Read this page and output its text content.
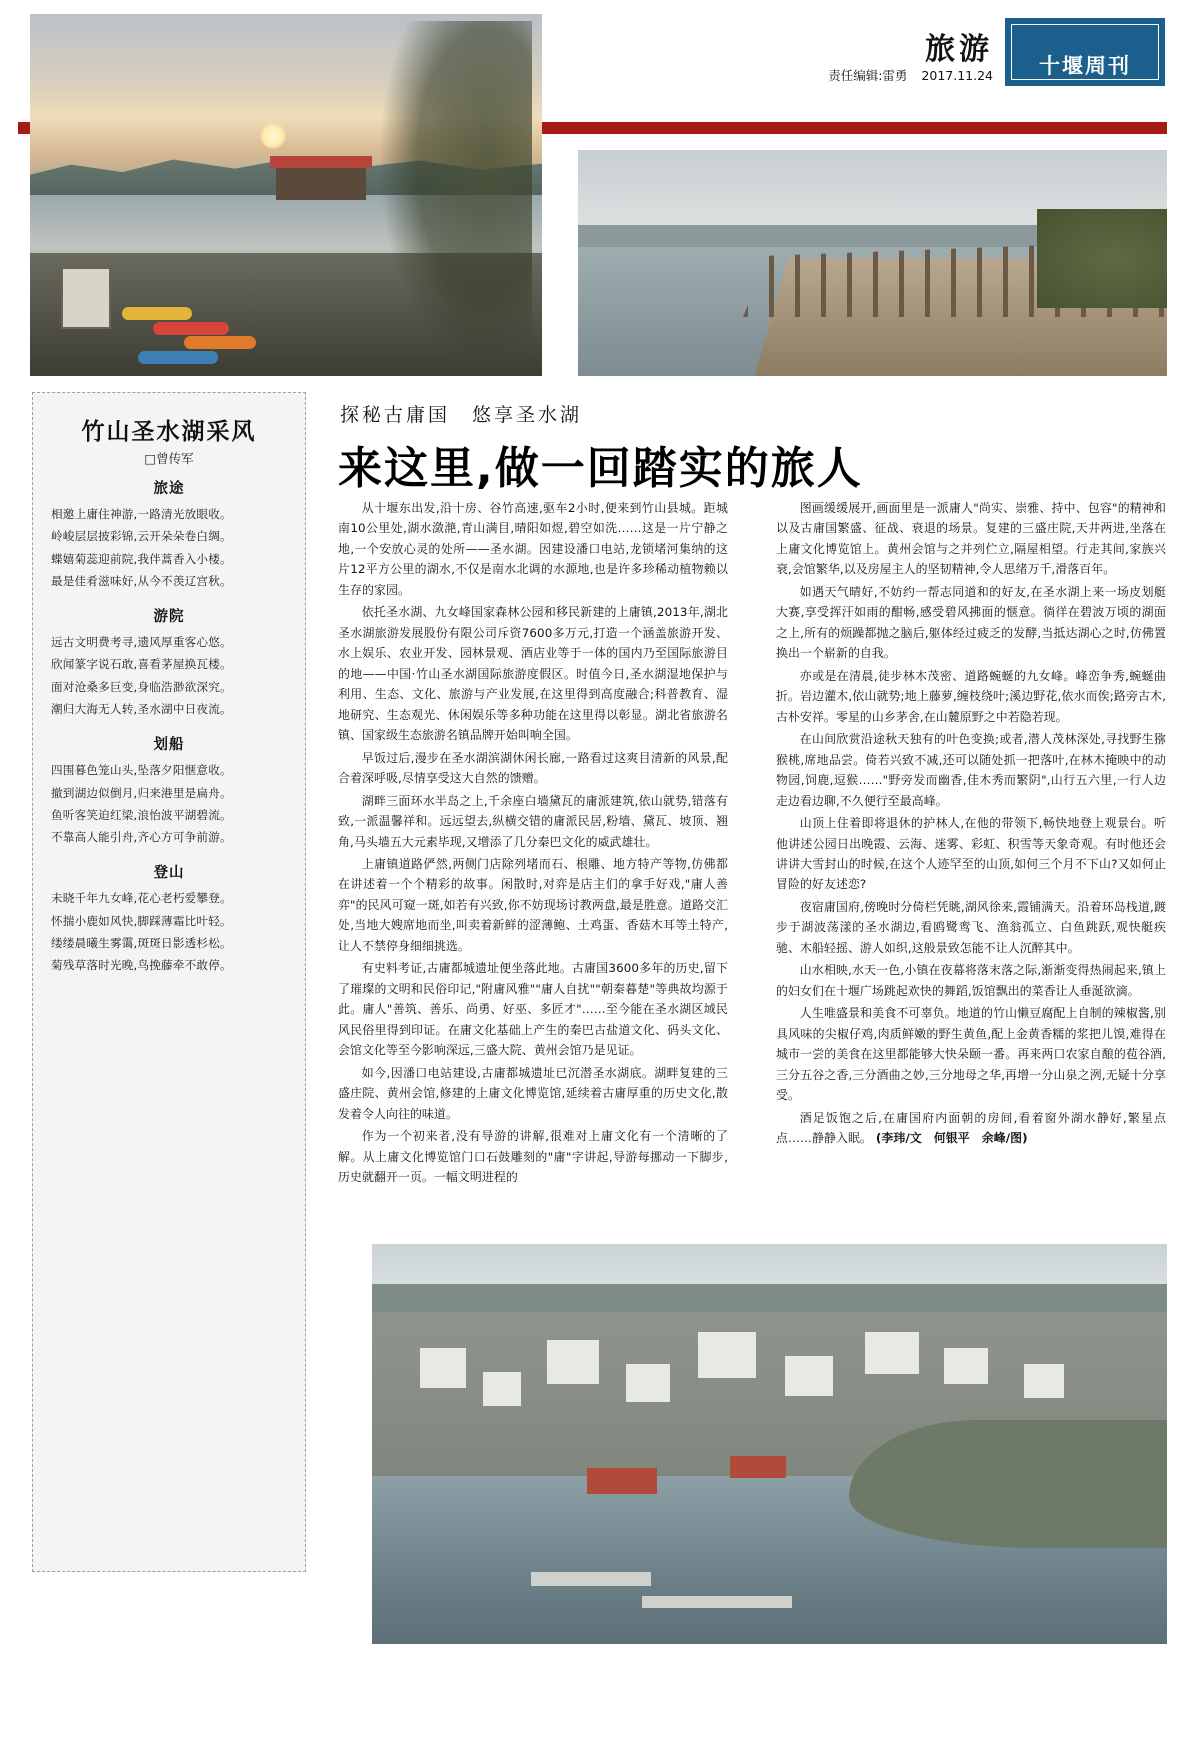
旅游
责任编辑:雷勇 2017.11.24	十堰周刊
竹山圣水湖采风
□曾传军
旅途

相邀上庸住神游,一路清光放眼收。

岭峻层层披彩锦,云开朵朵卷白绸。

蝶嬉菊蕊迎前院,我伴蒿香入小楼。

最是佳肴滋味好,从今不羡辽宫秋。

游院

远古文明费考寻,遗风厚重客心悠。

欣闻篆字说石敢,喜看茅屋换瓦楼。

面对沧桑多巨变,身临浩渺欲深究。

潮归大海无人转,圣水湖中日夜流。

划船

四围暮色笼山头,坠落夕阳惬意收。

撤到湖边似倒月,归来港里是扁舟。

鱼听客笑迫红梁,浪怡波平湖碧流。

不靠高人能引舟,齐心方可争前游。

登山

未晓千年九女峰,花心老朽爱攀登。

怀揣小鹿如风快,脚踩薄霜比叶轻。

缕缕晨曦生雾霭,斑斑日影透杉松。

菊残草落时光晚,鸟挽藤牵不敢停。

探秘古庸国　悠享圣水湖
来这里,做一回踏实的旅人

从十堰东出发,沿十房、谷竹高速,驱车2小时,便来到竹山县城。距城南10公里处,湖水潋滟,青山满目,晴阳如煜,碧空如洗……这是一片宁静之地,一个安放心灵的处所——圣水湖。因建设潘口电站,龙锁堵河集纳的这片12平方公里的湖水,不仅是南水北调的水源地,也是许多珍稀动植物赖以生存的家园。

依托圣水湖、九女峰国家森林公园和移民新建的上庸镇,2013年,湖北圣水湖旅游发展股份有限公司斥资7600多万元,打造一个涵盖旅游开发、水上娱乐、农业开发、园林景观、酒店业等于一体的国内乃至国际旅游目的地——中国·竹山圣水湖国际旅游度假区。时值今日,圣水湖湿地保护与利用、生态、文化、旅游与产业发展,在这里得到高度融合;科普教育、湿地研究、生态观光、休闲娱乐等多种功能在这里得以彰显。湖北省旅游名镇、国家级生态旅游名镇品牌开始叫响全国。

早饭过后,漫步在圣水湖滨湖休闲长廊,一路看过这爽目清新的风景,配合着深呼吸,尽情享受这大自然的馈赠。

湖畔三面环水半岛之上,千余座白墙黛瓦的庸派建筑,依山就势,错落有致,一派温馨祥和。远远望去,纵横交错的庸派民居,粉墙、黛瓦、坡顶、翘角,马头墙五大元素毕现,又增添了几分秦巴文化的威武雄壮。

上庸镇道路俨然,两侧门店除列堵而石、根雕、地方特产等物,仿佛都在讲述着一个个精彩的故事。闲散时,对弈是店主们的拿手好戏,"庸人善弈"的民风可窥一斑,如若有兴致,你不妨现场讨教两盘,最是胜意。道路交汇处,当地大嫂席地而坐,叫卖着新鲜的涩薄鲍、土鸡蛋、香菇木耳等土特产,让人不禁停身细细挑选。

有史料考证,古庸都城遗址便坐落此地。古庸国3600多年的历史,留下了璀璨的文明和民俗印记,"附庸风雅""庸人自扰""朝秦暮楚"等典故均源于此。庸人"善筑、善乐、尚勇、好巫、多匠才"……至今能在圣水湖区域民风民俗里得到印证。在庸文化基础上产生的秦巴古盐道文化、码头文化、会馆文化等至今影响深远,三盛大院、黄州会馆乃是见证。

如今,因潘口电站建设,古庸都城遗址已沉潜圣水湖底。湖畔复建的三盛庄院、黄州会馆,修建的上庸文化博览馆,延续着古庸厚重的历史文化,散发着令人向往的味道。

作为一个初来者,没有导游的讲解,很难对上庸文化有一个清晰的了解。从上庸文化博览馆门口石鼓雕刻的"庸"字讲起,导游每挪动一下脚步,历史就翻开一页。一幅文明进程的

图画缓缓展开,画面里是一派庸人"尚实、崇雅、持中、包容"的精神和以及古庸国繁盛、征战、衰退的场景。复建的三盛庄院,天井两进,坐落在上庸文化博览馆上。黄州会馆与之并列伫立,隔屋相望。行走其间,家族兴衰,会馆繁华,以及房屋主人的坚韧精神,令人思绪万千,滑落百年。

如遇天气晴好,不妨约一帮志同道和的好友,在圣水湖上来一场皮划艇大赛,享受挥汗如雨的酣畅,感受碧风拂面的惬意。徜徉在碧波万顷的湖面之上,所有的烦躁都抛之脑后,躯体经过疲乏的发酵,当抵达湖心之时,仿佛置换出一个崭新的自我。

亦或是在清晨,徒步林木茂密、道路蜿蜒的九女峰。峰峦争秀,蜿蜒曲折。岩边灌木,依山就势;地上藤萝,缠枝绕叶;溪边野花,依水而俟;路旁古木,古朴安祥。零星的山乡茅舍,在山麓原野之中若隐若现。

在山间欣赏沿途秋天独有的叶色变换;或者,潜人茂林深处,寻找野生猕猴桃,席地品尝。倚若兴致不减,还可以随处抓一把落叶,在林木掩映中的动物园,饲鹿,逗猴……"野旁发而幽香,佳木秀而繁阴",山行五六里,一行人边走边看边聊,不久便行至最高峰。

山顶上住着即将退休的护林人,在他的带领下,畅快地登上观景台。听他讲述公园日出晚霞、云海、迷雾、彩虹、积雪等天象奇观。有时他还会讲讲大雪封山的时候,在这个人迹罕至的山顶,如何三个月不下山?又如何止冒险的好友述恋?

夜宿庸国府,傍晚时分倚栏凭眺,湖风徐来,霞铺满天。沿着环岛栈道,踱步于湖波荡漾的圣水湖边,看鸥鹭鸾飞、渔翁孤立、白鱼跳跃,观快艇疾驰、木船轻摇、游人如织,这般景致怎能不让人沉醉其中。

山水相映,水天一色,小镇在夜幕将落末落之际,渐渐变得热闹起来,镇上的妇女们在十堰广场跳起欢快的舞蹈,饭馆飘出的菜香让人垂涎欲滴。

人生唯盛景和美食不可辜负。地道的竹山懒豆腐配上自制的辣椒酱,别具风味的尖椒仔鸡,肉质鲜嫩的野生黄鱼,配上金黄香糯的浆把儿馍,难得在城市一尝的美食在这里都能够大快朵颐一番。再来两口农家自酿的苞谷酒,三分五谷之香,三分酒曲之妙,三分地母之华,再增一分山泉之洌,无疑十分享受。

酒足饭饱之后,在庸国府内面朝的房间,看着窗外湖水静好,繁星点点……静静入眠。 (李玮/文　何银平　余峰/图)
